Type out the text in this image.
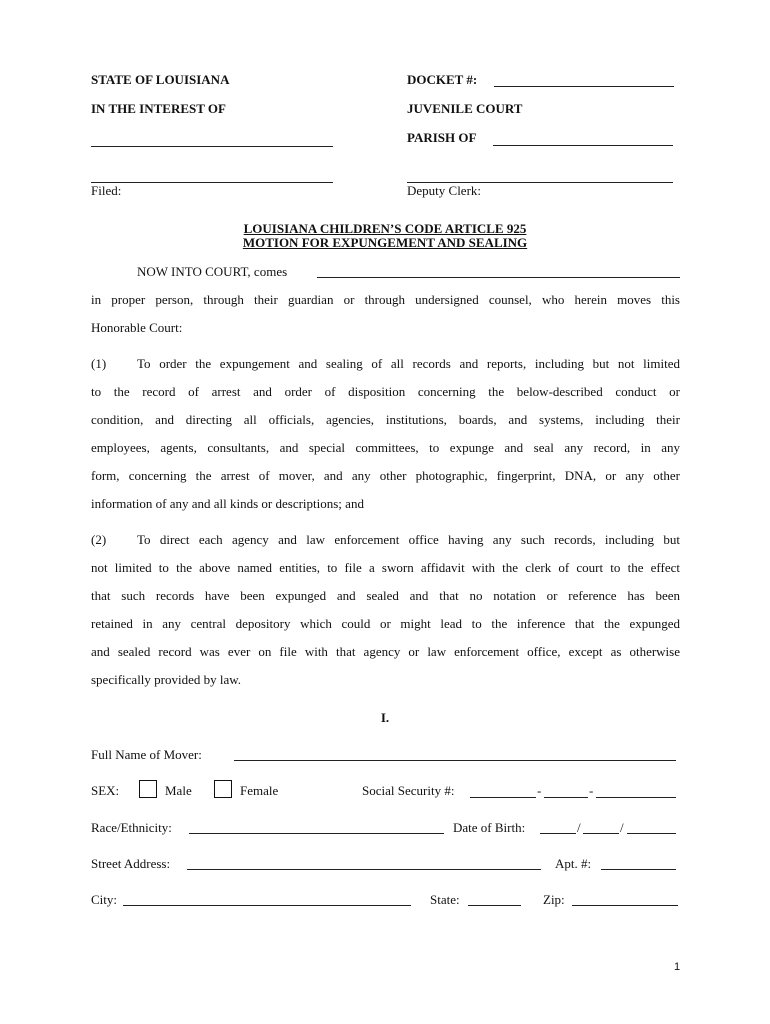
STATE OF LOUISIANA	DOCKET #:
IN THE INTEREST OF	JUVENILE COURT
PARISH OF
Filed:	Deputy Clerk:
LOUISIANA CHILDREN’S CODE ARTICLE 925
MOTION FOR EXPUNGEMENT AND SEALING
NOW INTO COURT, comes
in proper person, through their guardian or through undersigned counsel, who herein moves this
Honorable Court:
(1) To order the expungement and sealing of all records and reports, including but not limited
to the record of arrest and order of disposition concerning the below-described conduct or
condition, and directing all officials, agencies, institutions, boards, and systems, including their
employees, agents, consultants, and special committees, to expunge and seal any record, in any
form, concerning the arrest of mover, and any other photographic, fingerprint, DNA, or any other
information of any and all kinds or descriptions; and
(2) To direct each agency and law enforcement office having any such records, including but
not limited to the above named entities, to file a sworn affidavit with the clerk of court to the effect
that such records have been expunged and sealed and that no notation or reference has been
retained in any central depository which could or might lead to the inference that the expunged
and sealed record was ever on file with that agency or law enforcement office, except as otherwise
specifically provided by law.
I.
Full Name of Mover:
SEX:	Male	Female	Social Security #:	-	-
Race/Ethnicity:	Date of Birth:	/	/
Street Address:	Apt. #:
City:	State:	Zip:
1
